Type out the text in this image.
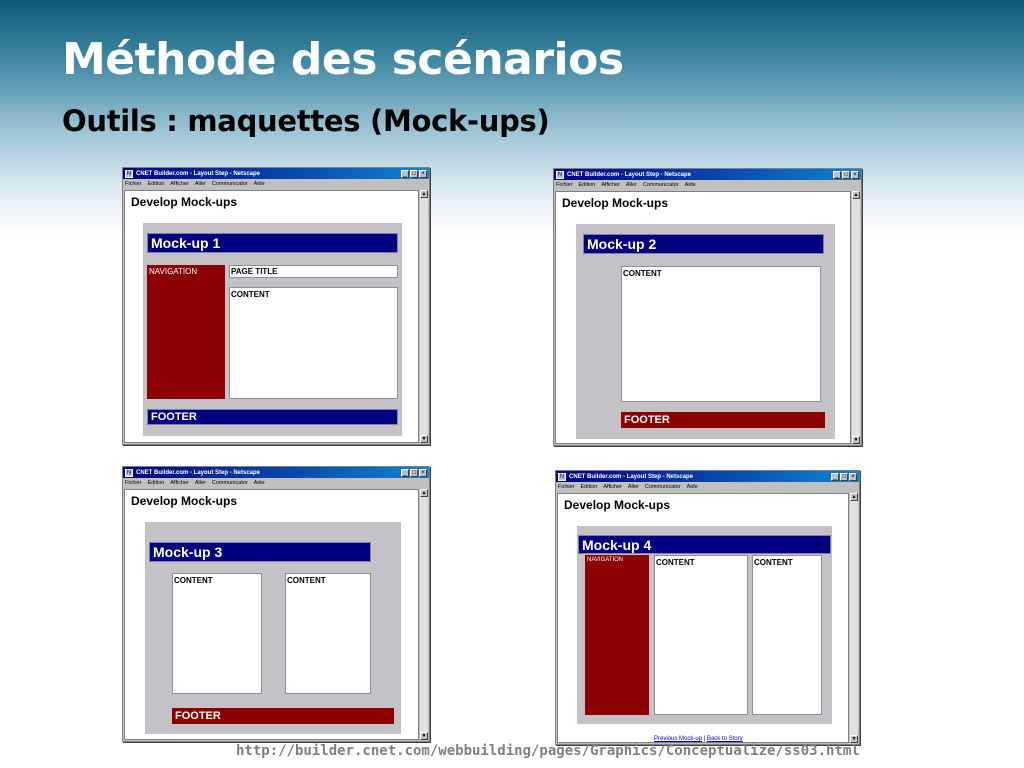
Méthode des scénarios
Outils : maquettes (Mock-ups)
N CNET Builder.com - Layout Step - Netscape	_ □ ×
Fichier Edition Afficher Aller Communicator Aide
Develop Mock-ups
Mock-up 1
NAVIGATION	PAGE TITLE
CONTENT
FOOTER
▲
▼
N CNET Builder.com - Layout Step - Netscape	_ □ ×
Fichier Edition Afficher Aller Communicator Aide
Develop Mock-ups
Mock-up 2
CONTENT
FOOTER
▲
▼
N CNET Builder.com - Layout Step - Netscape	_ □ ×
Fichier Edition Afficher Aller Communicator Aide
Develop Mock-ups
Mock-up 3
CONTENT	CONTENT
FOOTER
▲
▼
N CNET Builder.com - Layout Step - Netscape	_ □ ×
Fichier Edition Afficher Aller Communicator Aide
Develop Mock-ups
Mock-up 4
NAVIGATION	CONTENT	CONTENT
Previous Mock-up | Back to Story
▲
▼
http://builder.cnet.com/webbuilding/pages/Graphics/Conceptualize/ss03.html
